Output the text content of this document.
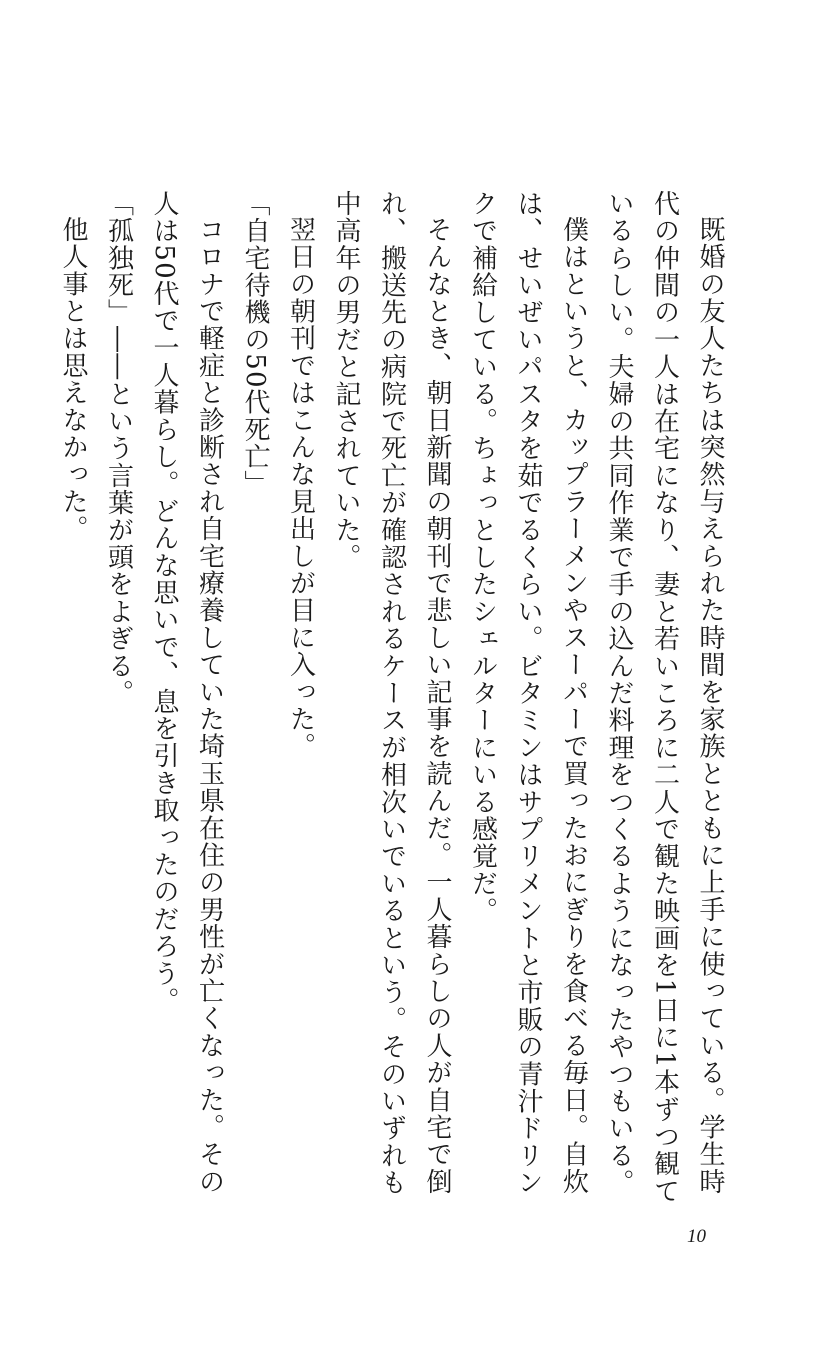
既婚の友人たちは突然与えられた時間を家族とともに上手に使っている。学生時代の仲間の一人は在宅になり、妻と若いころに二人で観た映画を1日に1本ずつ観ているらしい。夫婦の共同作業で手の込んだ料理をつくるようになったやつもいる。

僕はというと、カップラーメンやスーパーで買ったおにぎりを食べる毎日。自炊は、せいぜいパスタを茹でるくらい。ビタミンはサプリメントと市販の青汁ドリンクで補給している。ちょっとしたシェルターにいる感覚だ。

そんなとき、朝日新聞の朝刊で悲しい記事を読んだ。一人暮らしの人が自宅で倒れ、搬送先の病院で死亡が確認されるケースが相次いでいるという。そのいずれも中高年の男だと記されていた。

翌日の朝刊ではこんな見出しが目に入った。

「自宅待機の50代死亡」

コロナで軽症と診断され自宅療養していた埼玉県在住の男性が亡くなった。その人は50代で一人暮らし。どんな思いで、息を引き取ったのだろう。

「孤独死」――という言葉が頭をよぎる。

他人事とは思えなかった。

10
